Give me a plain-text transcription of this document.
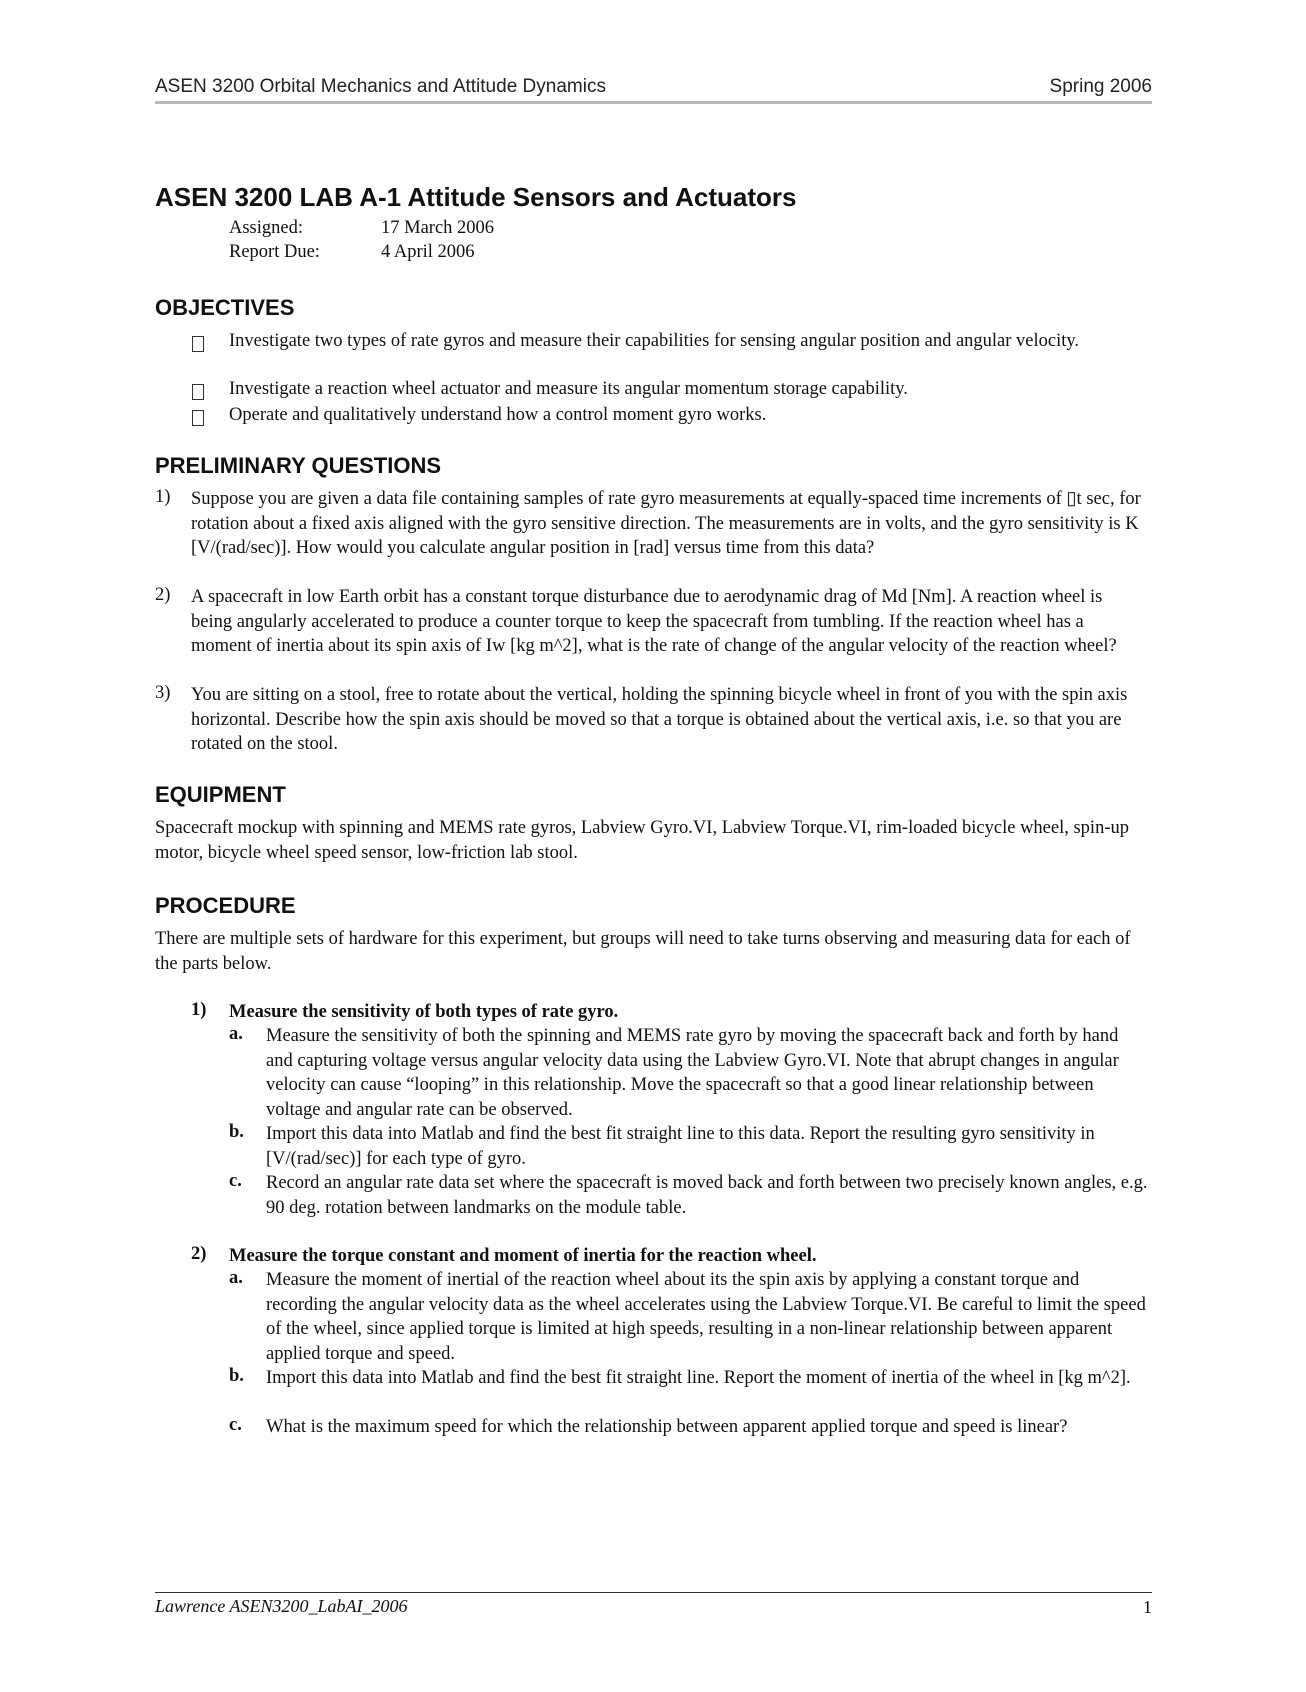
ASEN 3200 Orbital Mechanics and Attitude Dynamics	Spring 2006
ASEN 3200 LAB A-1 Attitude Sensors and Actuators
Assigned:	17 March 2006
Report Due:	4 April 2006
OBJECTIVES
Investigate two types of rate gyros and measure their capabilities for sensing angular position and angular velocity.
Investigate a reaction wheel actuator and measure its angular momentum storage capability.
Operate and qualitatively understand how a control moment gyro works.
PRELIMINARY QUESTIONS
1) Suppose you are given a data file containing samples of rate gyro measurements at equally-spaced time increments of ▯t sec, for rotation about a fixed axis aligned with the gyro sensitive direction. The measurements are in volts, and the gyro sensitivity is K [V/(rad/sec)]. How would you calculate angular position in [rad] versus time from this data?
2) A spacecraft in low Earth orbit has a constant torque disturbance due to aerodynamic drag of Md [Nm]. A reaction wheel is being angularly accelerated to produce a counter torque to keep the spacecraft from tumbling. If the reaction wheel has a moment of inertia about its spin axis of Iw [kg m^2], what is the rate of change of the angular velocity of the reaction wheel?
3) You are sitting on a stool, free to rotate about the vertical, holding the spinning bicycle wheel in front of you with the spin axis horizontal. Describe how the spin axis should be moved so that a torque is obtained about the vertical axis, i.e. so that you are rotated on the stool.
EQUIPMENT
Spacecraft mockup with spinning and MEMS rate gyros, Labview Gyro.VI, Labview Torque.VI, rim-loaded bicycle wheel, spin-up motor, bicycle wheel speed sensor, low-friction lab stool.
PROCEDURE
There are multiple sets of hardware for this experiment, but groups will need to take turns observing and measuring data for each of the parts below.
1) Measure the sensitivity of both types of rate gyro.
a. Measure the sensitivity of both the spinning and MEMS rate gyro by moving the spacecraft back and forth by hand and capturing voltage versus angular velocity data using the Labview Gyro.VI. Note that abrupt changes in angular velocity can cause “looping” in this relationship. Move the spacecraft so that a good linear relationship between voltage and angular rate can be observed.
b. Import this data into Matlab and find the best fit straight line to this data. Report the resulting gyro sensitivity in [V/(rad/sec)] for each type of gyro.
c. Record an angular rate data set where the spacecraft is moved back and forth between two precisely known angles, e.g. 90 deg. rotation between landmarks on the module table.
2) Measure the torque constant and moment of inertia for the reaction wheel.
a. Measure the moment of inertial of the reaction wheel about its the spin axis by applying a constant torque and recording the angular velocity data as the wheel accelerates using the Labview Torque.VI. Be careful to limit the speed of the wheel, since applied torque is limited at high speeds, resulting in a non-linear relationship between apparent applied torque and speed.
b. Import this data into Matlab and find the best fit straight line. Report the moment of inertia of the wheel in [kg m^2].
c. What is the maximum speed for which the relationship between apparent applied torque and speed is linear?
Lawrence ASEN3200_LabAI_2006	1
